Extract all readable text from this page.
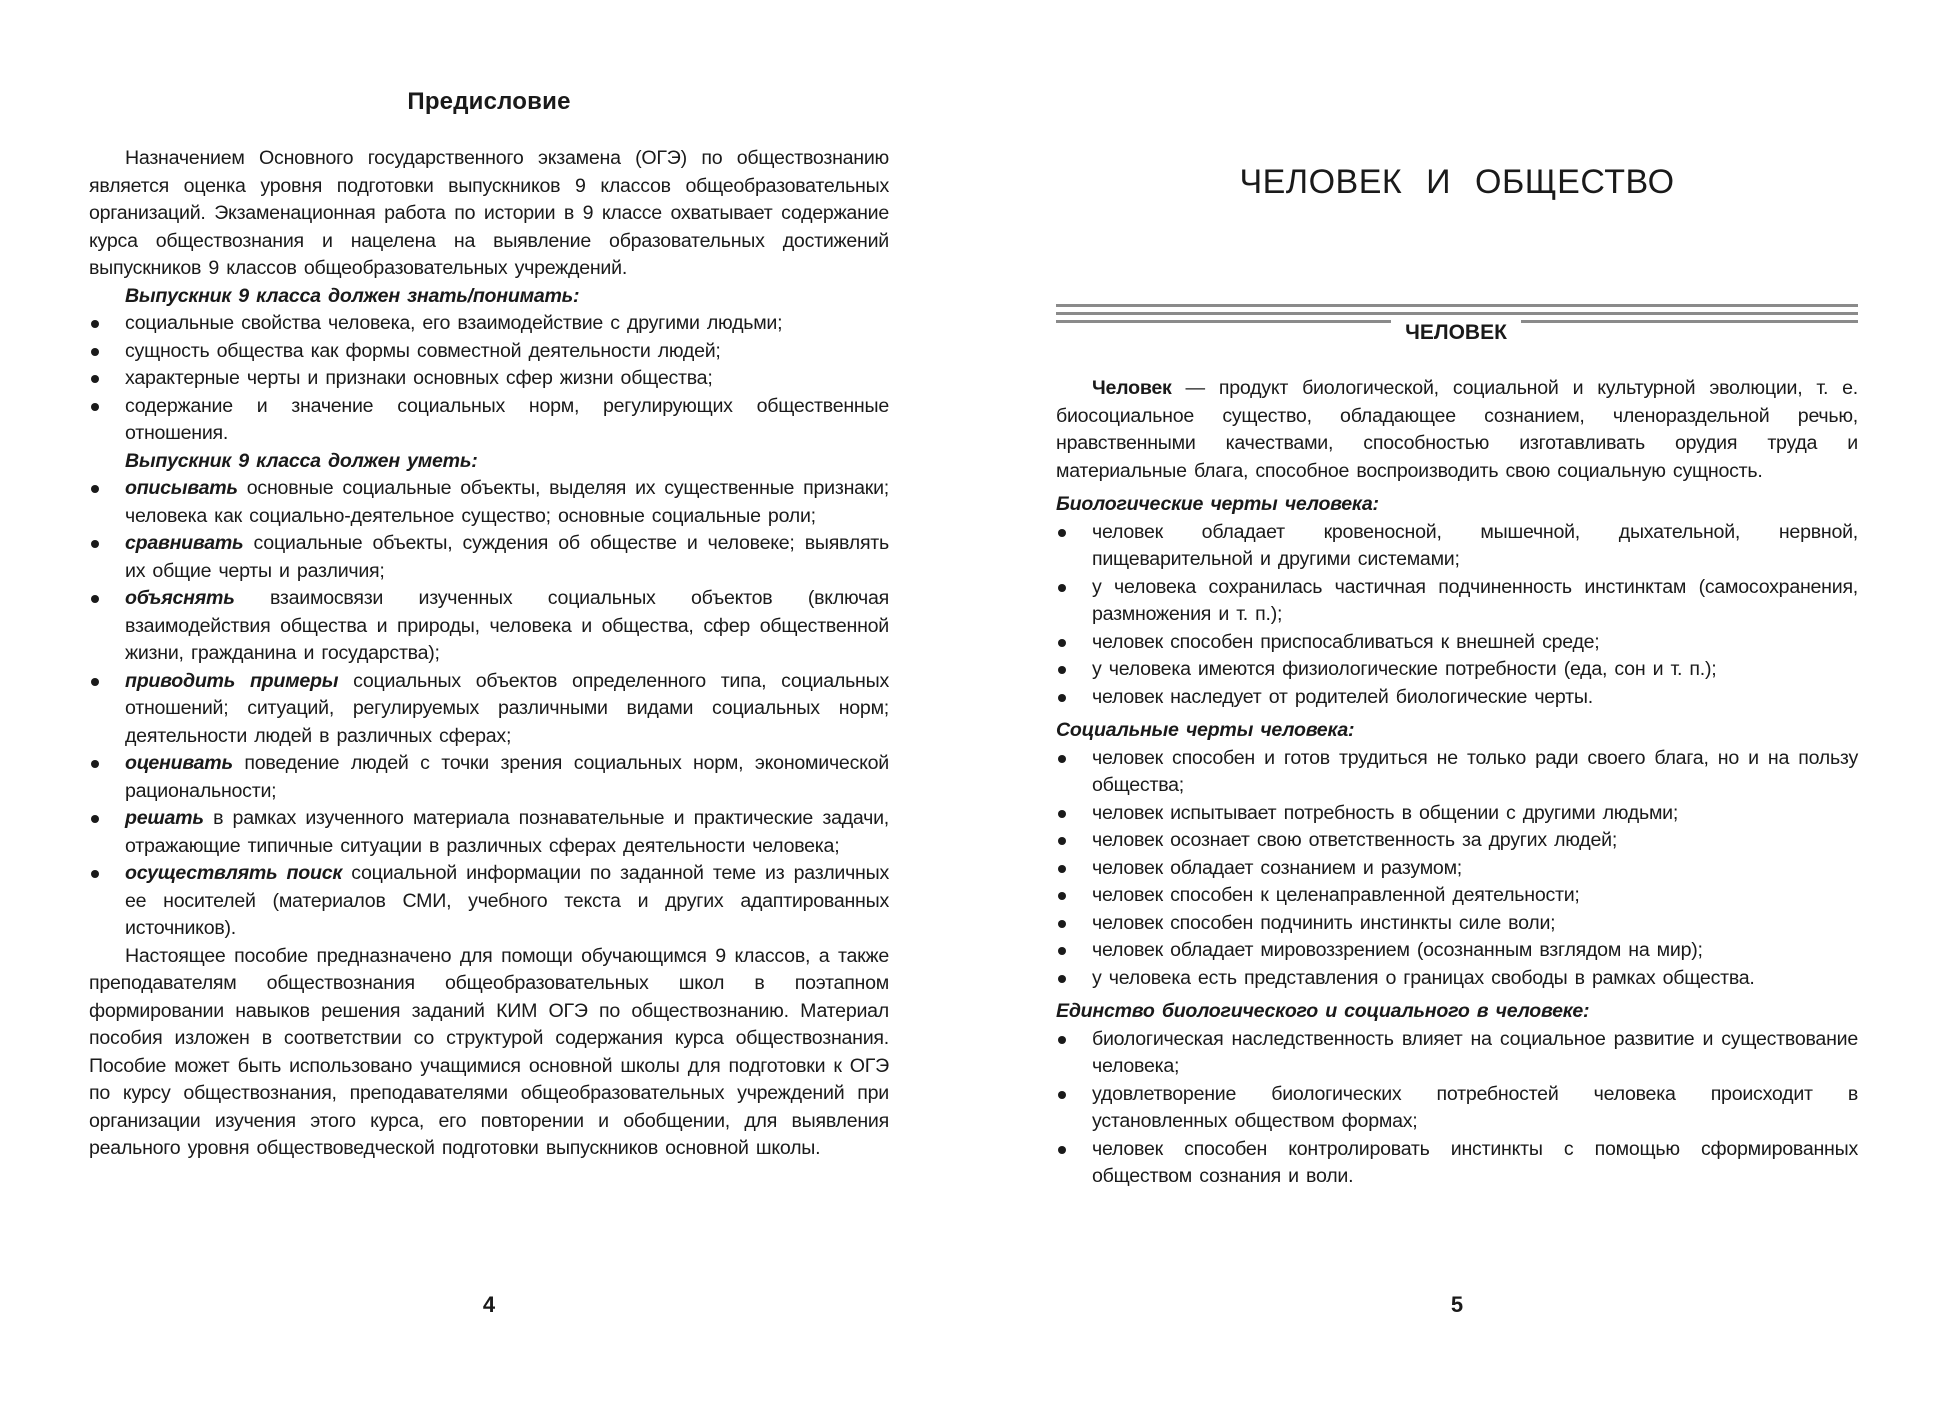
Предисловие

Назначением Основного государственного экзамена (ОГЭ) по обществознанию является оценка уровня подготовки выпускников 9 классов общеобразовательных организаций. Экзаменационная работа по истории в 9 классе охватывает содержание курса обществознания и нацелена на выявление образовательных достижений выпускников 9 классов общеобразовательных учреждений.

Выпускник 9 класса должен знать/понимать:
социальные свойства человека, его взаимодействие с другими людьми;
сущность общества как формы совместной деятельности людей;
характерные черты и признаки основных сфер жизни общества;
содержание и значение социальных норм, регулирующих общественные отношения.
Выпускник 9 класса должен уметь:
описывать основные социальные объекты, выделяя их существенные признаки; человека как социально-деятельное существо; основные социальные роли;
сравнивать социальные объекты, суждения об обществе и человеке; выявлять их общие черты и различия;
объяснять взаимосвязи изученных социальных объектов (включая взаимодействия общества и природы, человека и общества, сфер общественной жизни, гражданина и государства);
приводить примеры социальных объектов определенного типа, социальных отношений; ситуаций, регулируемых различными видами социальных норм; деятельности людей в различных сферах;
оценивать поведение людей с точки зрения социальных норм, экономической рациональности;
решать в рамках изученного материала познавательные и практические задачи, отражающие типичные ситуации в различных сферах деятельности человека;
осуществлять поиск социальной информации по заданной теме из различных ее носителей (материалов СМИ, учебного текста и других адаптированных источников).

Настоящее пособие предназначено для помощи обучающимся 9 классов, а также преподавателям обществознания общеобразовательных школ в поэтапном формировании навыков решения заданий КИМ ОГЭ по обществознанию. Материал пособия изложен в соответствии со структурой содержания курса обществознания. Пособие может быть использовано учащимися основной школы для подготовки к ОГЭ по курсу обществознания, преподавателями общеобразовательных учреждений при организации изучения этого курса, его повторении и обобщении, для выявления реального уровня обществоведческой подготовки выпускников основной школы.

4
ЧЕЛОВЕК И ОБЩЕСТВО
ЧЕЛОВЕК

Человек — продукт биологической, социальной и культурной эволюции, т. е. биосоциальное существо, обладающее сознанием, членораздельной речью, нравственными качествами, способностью изготавливать орудия труда и материальные блага, способное воспроизводить свою социальную сущность.

Биологические черты человека:
человек обладает кровеносной, мышечной, дыхательной, нервной, пищеварительной и другими системами;
у человека сохранилась частичная подчиненность инстинктам (самосохранения, размножения и т. п.);
человек способен приспосабливаться к внешней среде;
у человека имеются физиологические потребности (еда, сон и т. п.);
человек наследует от родителей биологические черты.
Социальные черты человека:
человек способен и готов трудиться не только ради своего блага, но и на пользу общества;
человек испытывает потребность в общении с другими людьми;
человек осознает свою ответственность за других людей;
человек обладает сознанием и разумом;
человек способен к целенаправленной деятельности;
человек способен подчинить инстинкты силе воли;
человек обладает мировоззрением (осознанным взглядом на мир);
у человека есть представления о границах свободы в рамках общества.
Единство биологического и социального в человеке:
биологическая наследственность влияет на социальное развитие и существование человека;
удовлетворение биологических потребностей человека происходит в установленных обществом формах;
человек способен контролировать инстинкты с помощью сформированных обществом сознания и воли.
5
